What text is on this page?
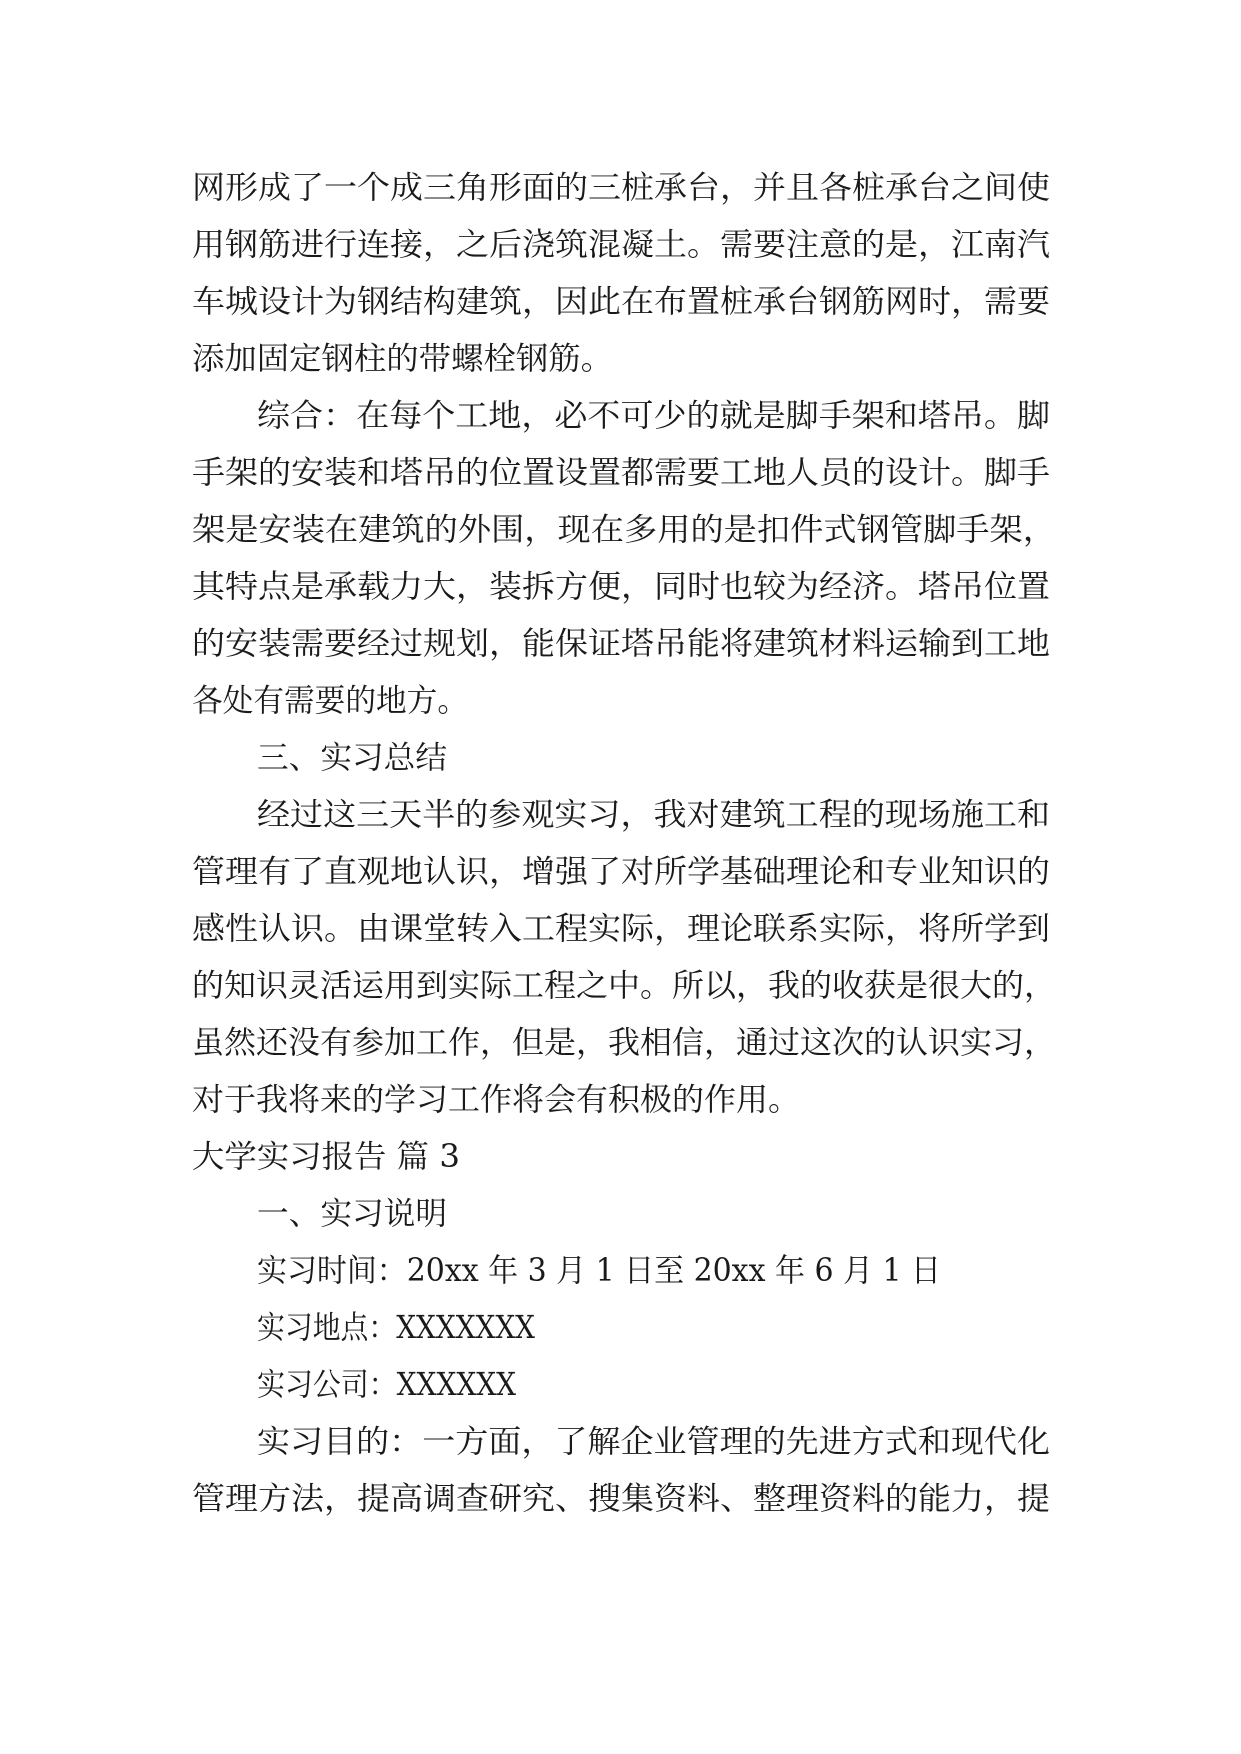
网形成了一个成三角形面的三桩承台，并且各桩承台之间使
用钢筋进行连接，之后浇筑混凝土。需要注意的是，江南汽
车城设计为钢结构建筑，因此在布置桩承台钢筋网时，需要
添加固定钢柱的带螺栓钢筋。
综合：在每个工地，必不可少的就是脚手架和塔吊。脚
手架的安装和塔吊的位置设置都需要工地人员的设计。脚手
架是安装在建筑的外围，现在多用的是扣件式钢管脚手架，
其特点是承载力大，装拆方便，同时也较为经济。塔吊位置
的安装需要经过规划，能保证塔吊能将建筑材料运输到工地
各处有需要的地方。
三、实习总结
经过这三天半的参观实习，我对建筑工程的现场施工和
管理有了直观地认识，增强了对所学基础理论和专业知识的
感性认识。由课堂转入工程实际，理论联系实际，将所学到
的知识灵活运用到实际工程之中。所以，我的收获是很大的，
虽然还没有参加工作，但是，我相信，通过这次的认识实习，
对于我将来的学习工作将会有积极的作用。
大学实习报告 篇 3
一、实习说明
实习时间：20xx 年 3 月 1 日至 20xx 年 6 月 1 日
实习地点：XXXXXXX
实习公司：XXXXXX
实习目的：一方面，了解企业管理的先进方式和现代化
管理方法，提高调查研究、搜集资料、整理资料的能力，提
